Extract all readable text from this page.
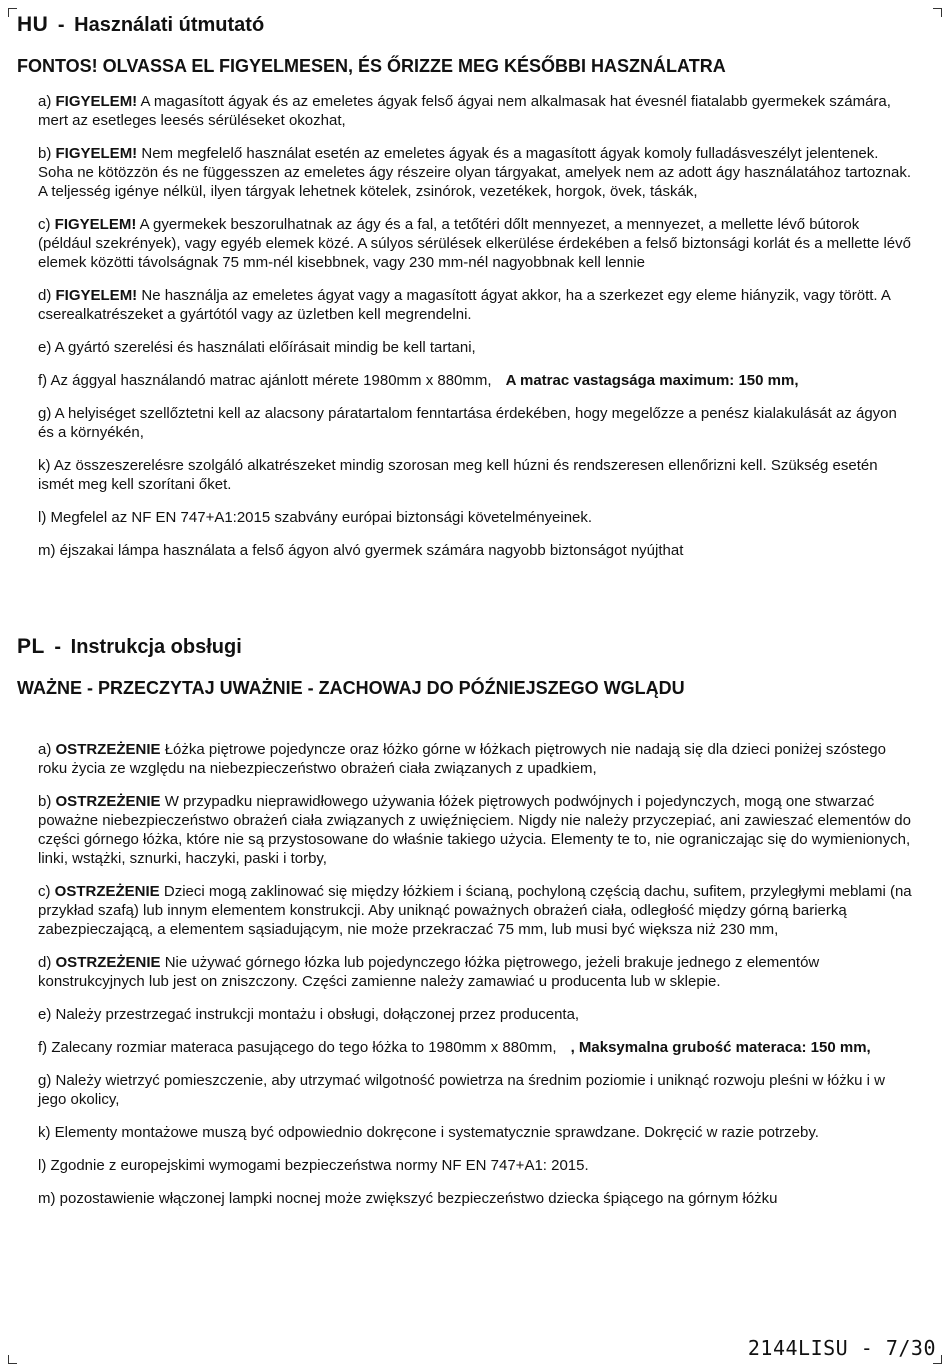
HU - Használati útmutató
FONTOS! OLVASSA EL FIGYELMESEN, ÉS ŐRIZZE MEG KÉSŐBBI HASZNÁLATRA

a) FIGYELEM! A magasított ágyak és az emeletes ágyak felső ágyai nem alkalmasak hat évesnél fiatalabb gyermekek számára, mert az esetleges leesés sérüléseket okozhat,

b) FIGYELEM! Nem megfelelő használat esetén az emeletes ágyak és a magasított ágyak komoly fulladásveszélyt jelentenek. Soha ne kötözzön és ne függesszen az emeletes ágy részeire olyan tárgyakat, amelyek nem az adott ágy használatához tartoznak. A teljesség igénye nélkül, ilyen tárgyak lehetnek kötelek, zsinórok, vezetékek, horgok, övek, táskák,

c) FIGYELEM! A gyermekek beszorulhatnak az ágy és a fal, a tetőtéri dőlt mennyezet, a mennyezet, a mellette lévő bútorok (például szekrények), vagy egyéb elemek közé. A súlyos sérülések elkerülése érdekében a felső biztonsági korlát és a mellette lévő elemek közötti távolságnak 75 mm-nél kisebbnek, vagy 230 mm-nél nagyobbnak kell lennie

d) FIGYELEM! Ne használja az emeletes ágyat vagy a magasított ágyat akkor, ha a szerkezet egy eleme hiányzik, vagy törött. A cserealkatrészeket a gyártótól vagy az üzletben kell megrendelni.

e) A gyártó szerelési és használati előírásait mindig be kell tartani,

f) Az ággyal használandó matrac ajánlott mérete 1980mm x 880mm, A matrac vastagsága maximum: 150 mm,

g) A helyiséget szellőztetni kell az alacsony páratartalom fenntartása érdekében, hogy megelőzze a penész kialakulását az ágyon és a környékén,

k) Az összeszerelésre szolgáló alkatrészeket mindig szorosan meg kell húzni és rendszeresen ellenőrizni kell. Szükség esetén ismét meg kell szorítani őket.

l) Megfelel az NF EN 747+A1:2015 szabvány európai biztonsági követelményeinek.

m) éjszakai lámpa használata a felső ágyon alvó gyermek számára nagyobb biztonságot nyújthat

PL - Instrukcja obsługi
WAŻNE - PRZECZYTAJ UWAŻNIE - ZACHOWAJ DO PÓŹNIEJSZEGO WGLĄDU

a) OSTRZEŻENIE Łóżka piętrowe pojedyncze oraz łóżko górne w łóżkach piętrowych nie nadają się dla dzieci poniżej szóstego roku życia ze względu na niebezpieczeństwo obrażeń ciała związanych z upadkiem,

b) OSTRZEŻENIE W przypadku nieprawidłowego używania łóżek piętrowych podwójnych i pojedynczych, mogą one stwarzać poważne niebezpieczeństwo obrażeń ciała związanych z uwięźnięciem. Nigdy nie należy przyczepiać, ani zawieszać elementów do części górnego łóżka, które nie są przystosowane do właśnie takiego użycia. Elementy te to, nie ograniczając się do wymienionych, linki, wstążki, sznurki, haczyki, paski i torby,

c) OSTRZEŻENIE Dzieci mogą zaklinować się między łóżkiem i ścianą, pochyloną częścią dachu, sufitem, przyległymi meblami (na przykład szafą) lub innym elementem konstrukcji. Aby uniknąć poważnych obrażeń ciała, odległość między górną barierką zabezpieczającą, a elementem sąsiadującym, nie może przekraczać 75 mm, lub musi być większa niż 230 mm,

d) OSTRZEŻENIE Nie używać górnego łózka lub pojedynczego łóżka piętrowego, jeżeli brakuje jednego z elementów konstrukcyjnych lub jest on zniszczony. Części zamienne należy zamawiać u producenta lub w sklepie.

e) Należy przestrzegać instrukcji montażu i obsługi, dołączonej przez producenta,

f) Zalecany rozmiar materaca pasującego do tego łóżka to 1980mm x 880mm, , Maksymalna grubość materaca: 150 mm,

g) Należy wietrzyć pomieszczenie, aby utrzymać wilgotność powietrza na średnim poziomie i uniknąć rozwoju pleśni w łóżku i w jego okolicy,

k) Elementy montażowe muszą być odpowiednio dokręcone i systematycznie sprawdzane. Dokręcić w razie potrzeby.

l) Zgodnie z europejskimi wymogami bezpieczeństwa normy NF EN 747+A1: 2015.

m) pozostawienie włączonej lampki nocnej może zwiększyć bezpieczeństwo dziecka śpiącego na górnym łóżku

2144LISU - 7/30
